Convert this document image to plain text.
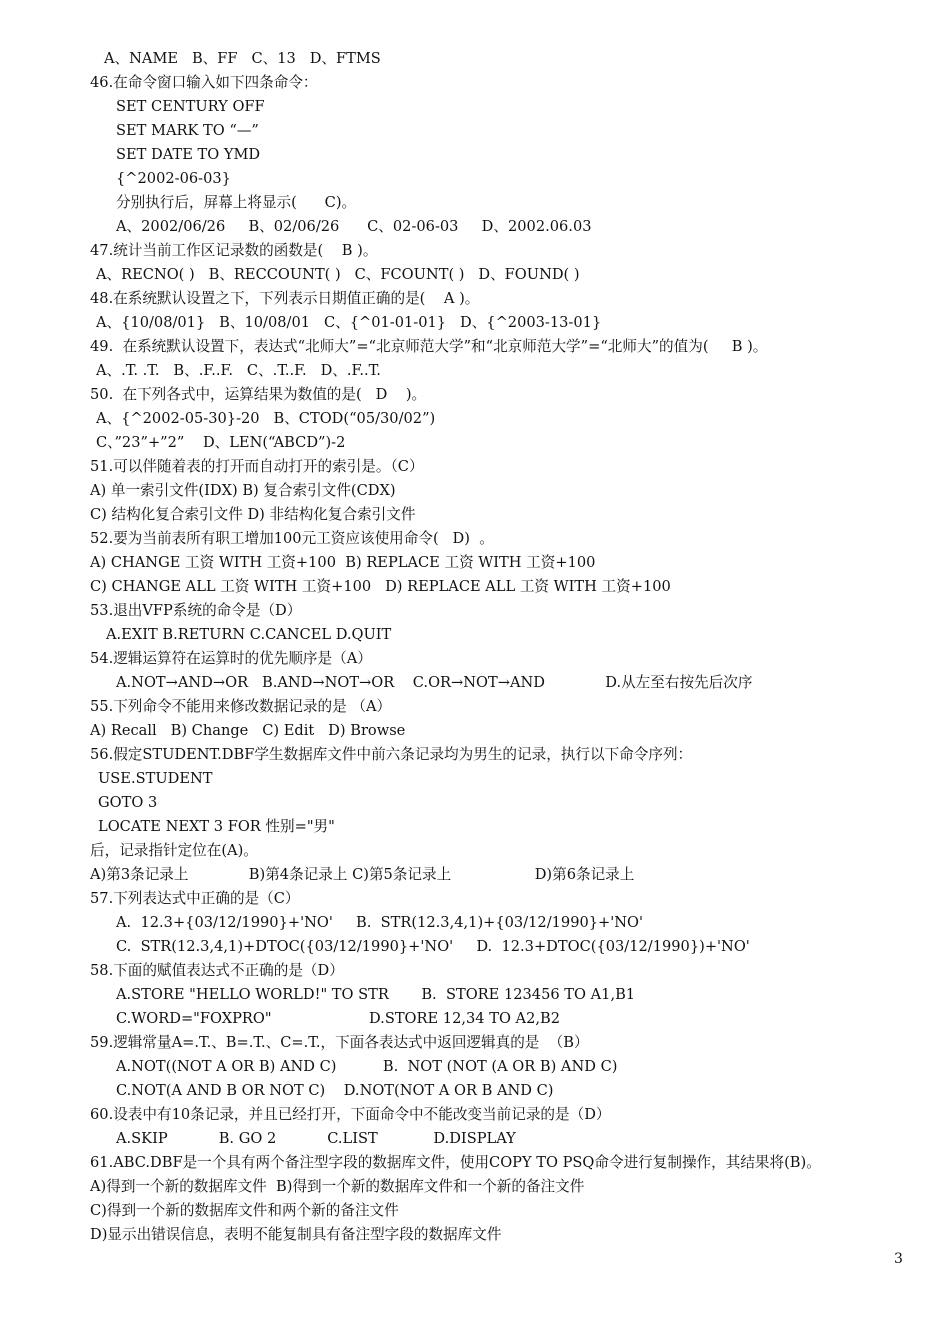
A、NAME   B、FF   C、13   D、FTMS
46.在命令窗口输入如下四条命令：
SET CENTURY OFF
SET MARK TO “—”
SET DATE TO YMD
{^2002-06-03}
分别执行后，屏幕上将显示(      C)。
A、2002/06/26     B、02/06/26      C、02-06-03     D、2002.06.03
47.统计当前工作区记录数的函数是(    B )。
A、RECNO( )   B、RECCOUNT( )   C、FCOUNT( )   D、FOUND( )
48.在系统默认设置之下，下列表示日期值正确的是(    A )。
A、{10/08/01}   B、10/08/01   C、{^01-01-01}   D、{^2003-13-01}
49.  在系统默认设置下，表达式“北师大”=“北京师范大学”和“北京师范大学”=“北师大”的值为(     B )。
A、.T. .T.   B、.F..F.   C、.T..F.   D、.F..T.
50.  在下列各式中，运算结果为数值的是(   D    )。
A、{^2002-05-30}-20   B、CTOD(“05/30/02”)
C、”23”+”2”    D、LEN(“ABCD”)-2
51.可以伴随着表的打开而自动打开的索引是。（C）
A) 单一索引文件(IDX) B) 复合索引文件(CDX)
C) 结构化复合索引文件 D) 非结构化复合索引文件
52.要为当前表所有职工增加100元工资应该使用命令(   D)  。
A) CHANGE 工资 WITH 工资+100  B) REPLACE 工资 WITH 工资+100
C) CHANGE ALL 工资 WITH 工资+100   D) REPLACE ALL 工资 WITH 工资+100
53.退出VFP系统的命令是（D）
A.EXIT B.RETURN C.CANCEL D.QUIT
54.逻辑运算符在运算时的优先顺序是（A）
A.NOT→AND→OR   B.AND→NOT→OR    C.OR→NOT→AND             D.从左至右按先后次序
55.下列命令不能用来修改数据记录的是 （A）
A) Recall   B) Change   C) Edit   D) Browse
56.假定STUDENT.DBF学生数据库文件中前六条记录均为男生的记录，执行以下命令序列：
USE.STUDENT
GOTO 3
LOCATE NEXT 3 FOR 性别="男"
后，记录指针定位在(A)。
A)第3条记录上             B)第4条记录上 C)第5条记录上                  D)第6条记录上
57.下列表达式中正确的是（C）
A.  12.3+{03/12/1990}+'NO'     B.  STR(12.3,4,1)+{03/12/1990}+'NO'
C.  STR(12.3,4,1)+DTOC({03/12/1990}+'NO'     D.  12.3+DTOC({03/12/1990})+'NO'
58.下面的赋值表达式不正确的是（D）
A.STORE "HELLO WORLD!" TO STR       B.  STORE 123456 TO A1,B1
C.WORD="FOXPRO"                     D.STORE 12,34 TO A2,B2
59.逻辑常量A=.T.、B=.T.、C=.T.，下面各表达式中返回逻辑真的是  （B）
A.NOT((NOT A OR B) AND C)          B.  NOT (NOT (A OR B) AND C)
C.NOT(A AND B OR NOT C)    D.NOT(NOT A OR B AND C)
60.设表中有10条记录，并且已经打开，下面命令中不能改变当前记录的是（D）
A.SKIP           B. GO 2           C.LIST            D.DISPLAY
61.ABC.DBF是一个具有两个备注型字段的数据库文件，使用COPY TO PSQ命令进行复制操作，其结果将(B)。
A)得到一个新的数据库文件  B)得到一个新的数据库文件和一个新的备注文件
C)得到一个新的数据库文件和两个新的备注文件
D)显示出错误信息，表明不能复制具有备注型字段的数据库文件
3
